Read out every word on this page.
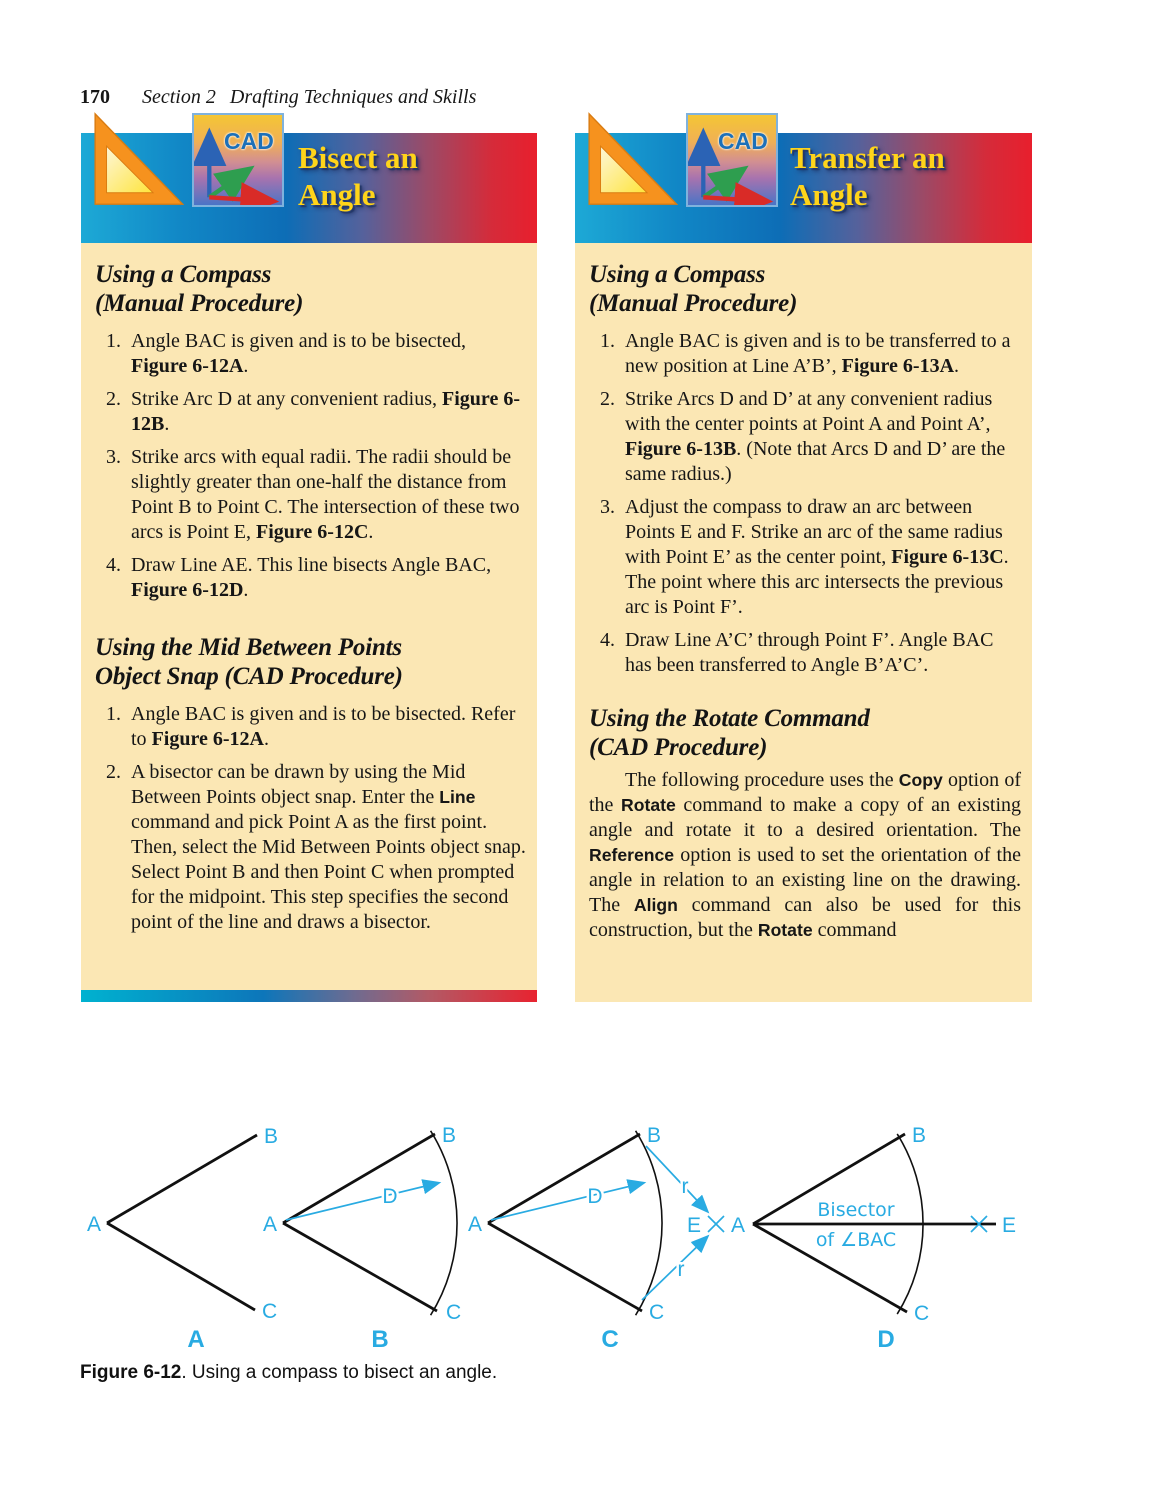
170 Section 2 Drafting Techniques and Skills
CAD Bisect an
Angle
CAD Transfer an
Angle
Using a Compass
(Manual Procedure)
1. Angle BAC is given and is to be bisected, Figure 6-12A.
2. Strike Arc D at any convenient radius, Figure 6-12B.
3. Strike arcs with equal radii. The radii should be slightly greater than one-half the distance from Point B to Point C. The intersection of these two arcs is Point E, Figure 6-12C.
4. Draw Line AE. This line bisects Angle BAC, Figure 6-12D.
Using the Mid Between Points
Object Snap (CAD Procedure)
1. Angle BAC is given and is to be bisected. Refer to Figure 6-12A.
2. A bisector can be drawn by using the Mid Between Points object snap. Enter the Line command and pick Point A as the first point. Then, select the Mid Between Points object snap. Select Point B and then Point C when prompted for the midpoint. This step specifies the second point of the line and draws a bisector.
Using a Compass
(Manual Procedure)
1. Angle BAC is given and is to be transferred to a new position at Line A’B’, Figure 6-13A.
2. Strike Arcs D and D’ at any convenient radius with the center points at Point A and Point A’, Figure 6-13B. (Note that Arcs D and D’ are the same radius.)
3. Adjust the compass to draw an arc between Points E and F. Strike an arc of the same radius with Point E’ as the center point, Figure 6-13C. The point where this arc intersects the previous arc is Point F’.
4. Draw Line A’C’ through Point F’. Angle BAC has been transferred to Angle B’A’C’.
Using the Rotate Command
(CAD Procedure)
The following procedure uses the Copy option of the Rotate command to make a copy of an existing angle and rotate it to a desired orientation. The Reference option is used to set the orientation of the angle in relation to an existing line on the drawing. The Align command can also be used for this construction, but the Rotate command
A
B
C
A
D
A
B
C
B
D	r
r
E
A
B
C
C
Bisector
of ∠BAC
A
B
C
E
D
Figure 6-12. Using a compass to bisect an angle.
